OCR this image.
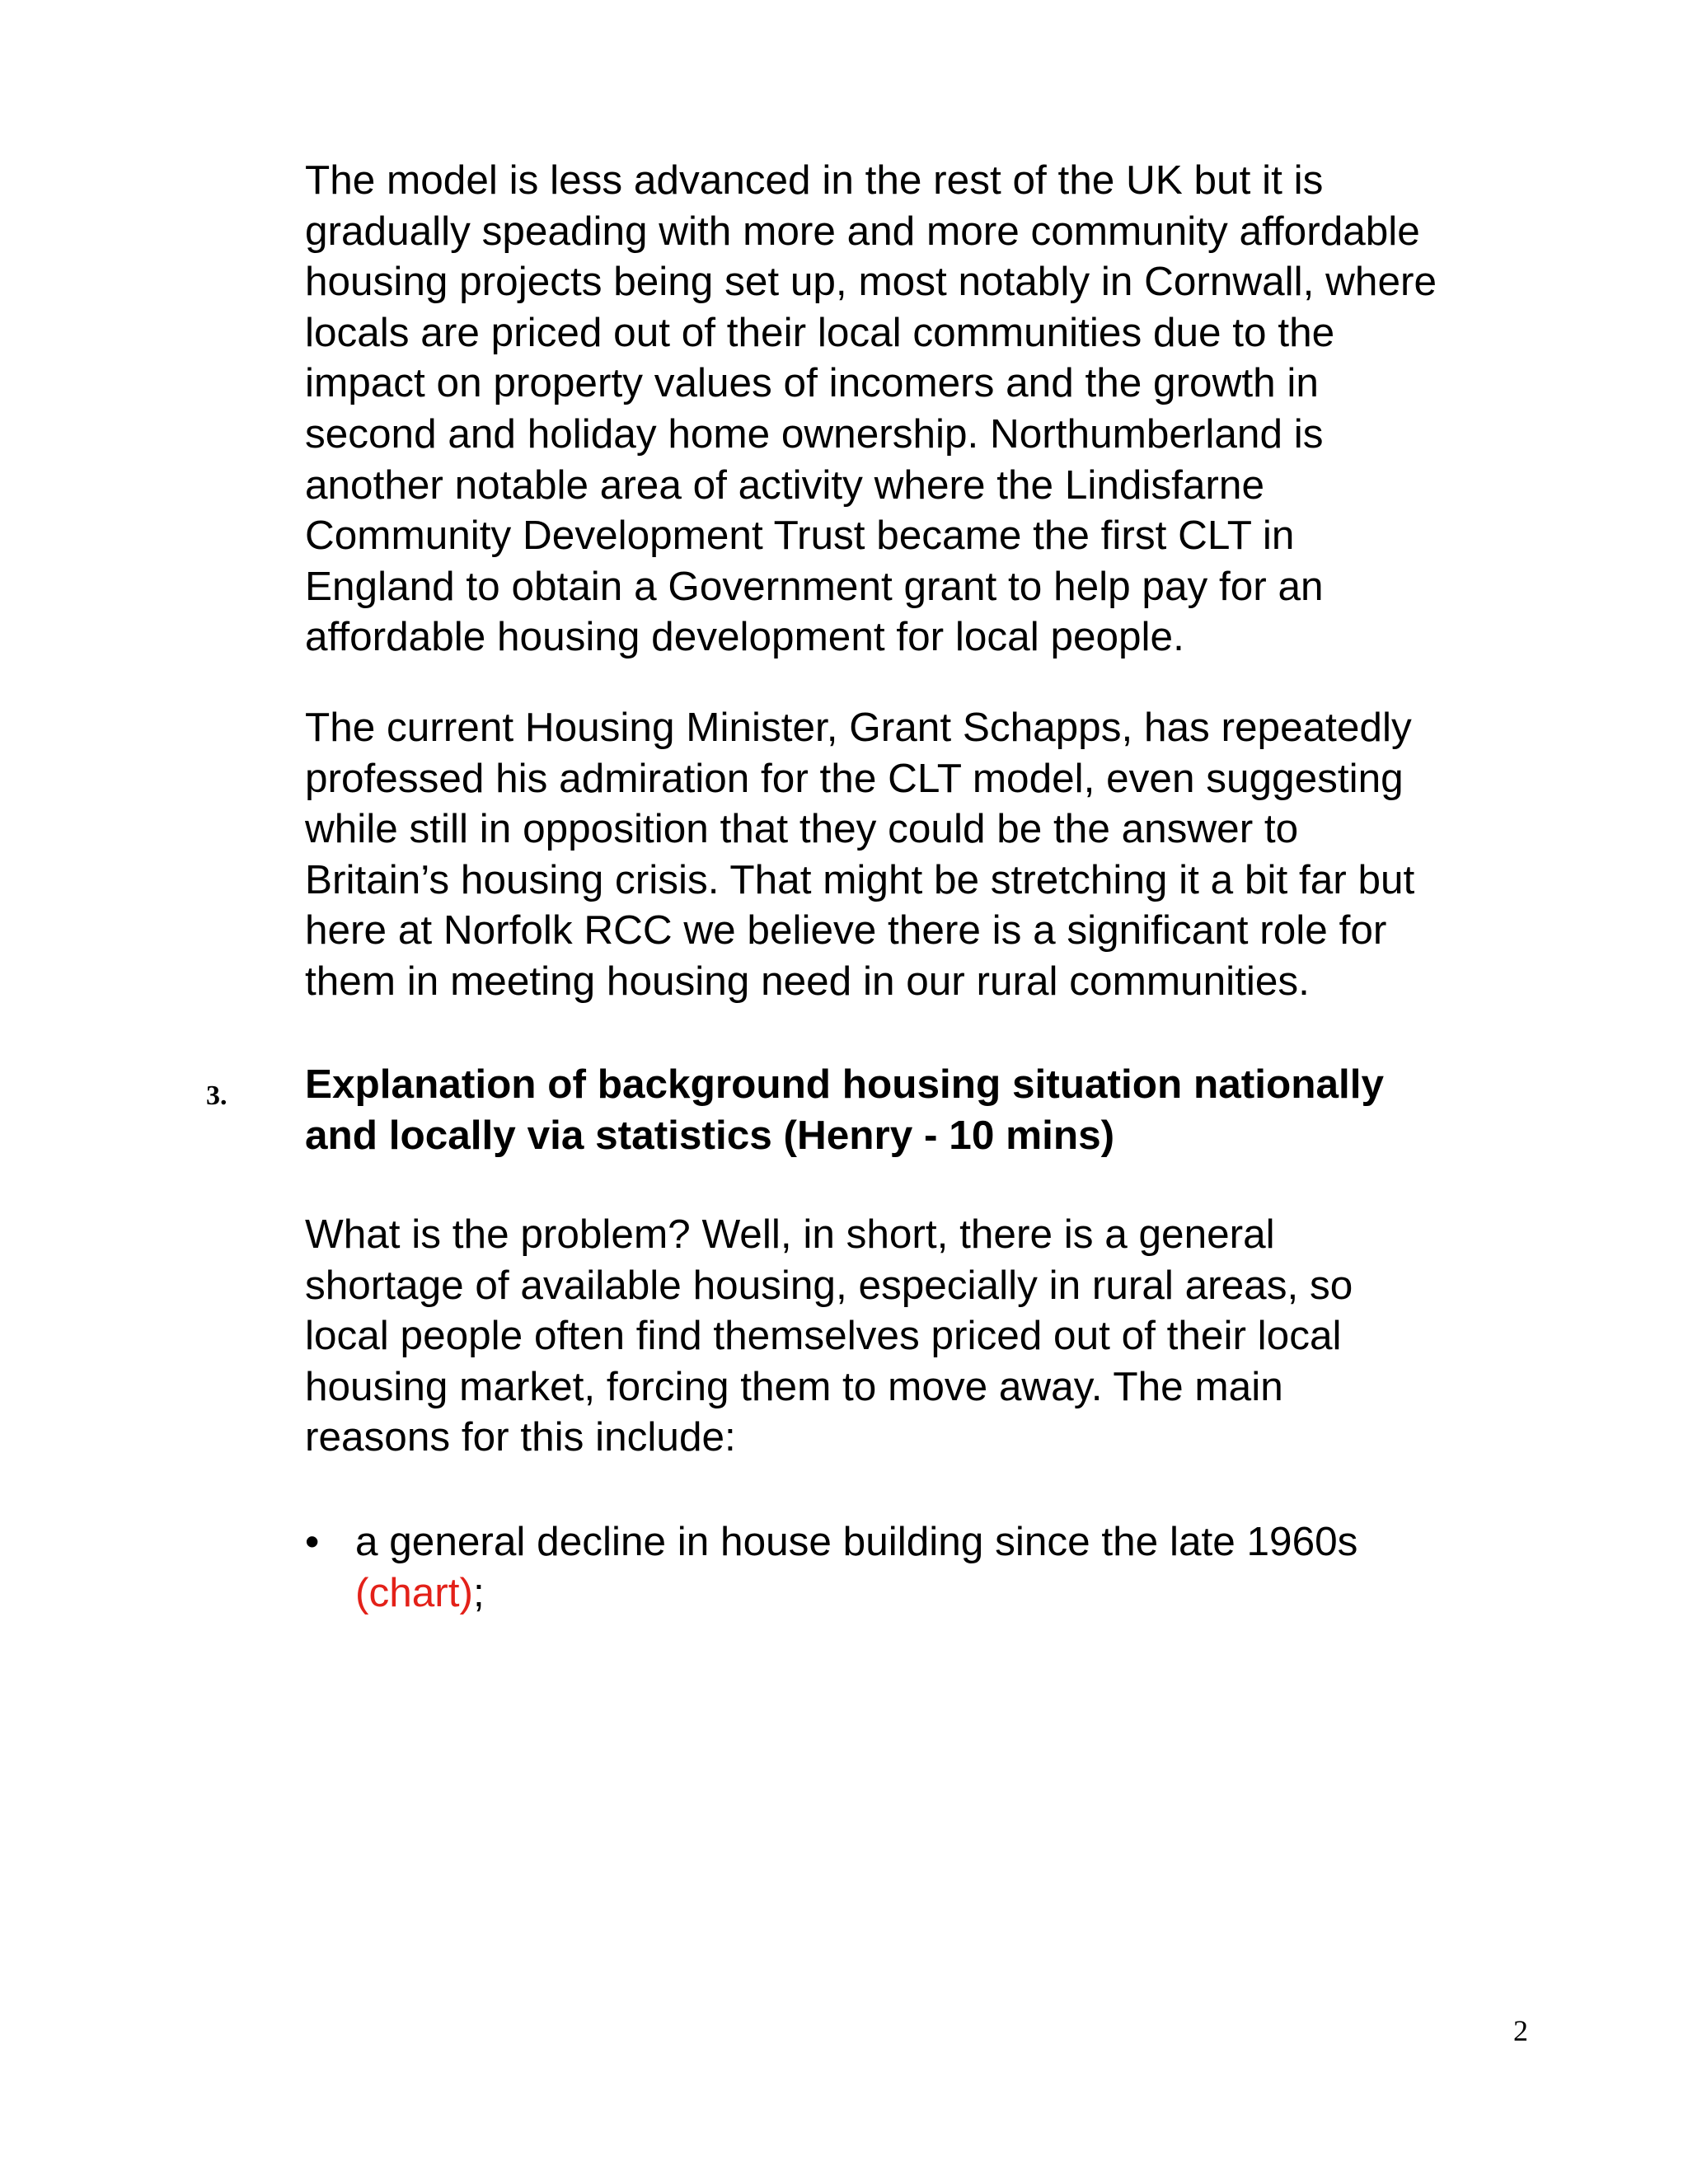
The model is less advanced in the rest of the UK but it is
gradually speading with more and more community affordable
housing projects being set up, most notably in Cornwall, where
locals are priced out of their local communities due to the
impact on property values of incomers and the growth in
second and holiday home ownership. Northumberland is
another notable area of activity where the Lindisfarne
Community Development Trust became the first CLT in
England to obtain a Government grant to help pay for an
affordable housing development for local people.

The current Housing Minister, Grant Schapps, has repeatedly
professed his admiration for the CLT model, even suggesting
while still in opposition that they could be the answer to
Britain’s housing crisis. That might be stretching it a bit far but
here at Norfolk RCC we believe there is a significant role for
them in meeting housing need in our rural communities.

3. Explanation of background housing situation nationally
and locally via statistics (Henry - 10 mins)

What is the problem? Well, in short, there is a general
shortage of available housing, especially in rural areas, so
local people often find themselves priced out of their local
housing market, forcing them to move away. The main
reasons for this include:

• a general decline in house building since the late 1960s
(chart);
2
